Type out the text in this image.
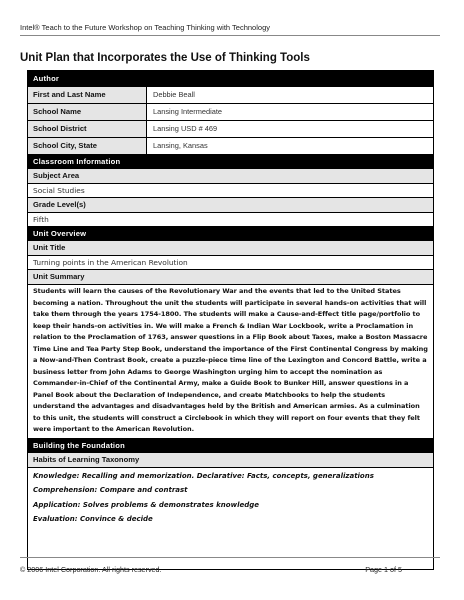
Intel® Teach to the Future Workshop on Teaching Thinking with Technology
Unit Plan that Incorporates the Use of Thinking Tools
Author
First and Last Name	Debbie Beall
School Name	Lansing Intermediate
School District	Lansing USD # 469
School City, State	Lansing, Kansas
Classroom Information
Subject Area
Social Studies
Grade Level(s)
Fifth
Unit Overview
Unit Title
Turning points in the American Revolution
Unit Summary
Students will learn the causes of the Revolutionary War and the events that led to the United States becoming a nation. Throughout the unit the students will participate in several hands-on activities that will take them through the years 1754-1800. The students will make a Cause-and-Effect title page/portfolio to keep their hands-on activities in. We will make a French & Indian War Lockbook, write a Proclamation in relation to the Proclamation of 1763, answer questions in a Flip Book about Taxes, make a Boston Massacre Time Line and Tea Party Step Book, understand the importance of the First Continental Congress by making a Now-and-Then Contrast Book, create a puzzle-piece time line of the Lexington and Concord Battle, write a business letter from John Adams to George Washington urging him to accept the nomination as Commander-in-Chief of the Continental Army, make a Guide Book to Bunker Hill, answer questions in a Panel Book about the Declaration of Independence, and create Matchbooks to help the students understand the advantages and disadvantages held by the British and American armies. As a culmination to this unit, the students will construct a Circlebook in which they will report on four events that they felt were important to the American Revolution.
Building the Foundation
Habits of Learning Taxonomy
Knowledge: Recalling and memorization. Declarative: Facts, concepts, generalizations
Comprehension: Compare and contrast
Application: Solves problems & demonstrates knowledge
Evaluation: Convince & decide
© 2006 Intel Corporation. All rights reserved.	Page 1 of 5
